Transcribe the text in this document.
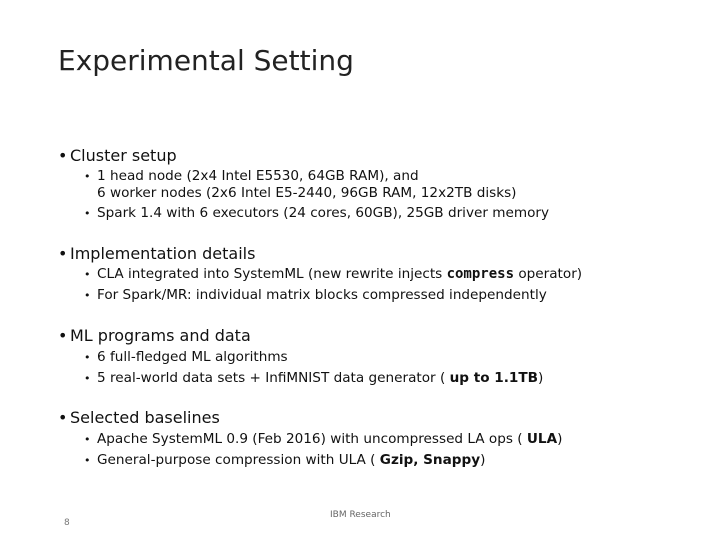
Experimental Setting
• Cluster setup
• 1 head node (2x4 Intel E5530, 64GB RAM), and
6 worker nodes (2x6 Intel E5-2440, 96GB RAM, 12x2TB disks)
• Spark 1.4 with 6 executors (24 cores, 60GB), 25GB driver memory
• Implementation details
• CLA integrated into SystemML (new rewrite injects compress operator)
• For Spark/MR: individual matrix blocks compressed independently
• ML programs and data
• 6 full-fledged ML algorithms
• 5 real-world data sets + InfiMNIST data generator ( up to 1.1TB)
• Selected baselines
• Apache SystemML 0.9 (Feb 2016) with uncompressed LA ops ( ULA)
• General-purpose compression with ULA ( Gzip, Snappy)
IBM Research
8
